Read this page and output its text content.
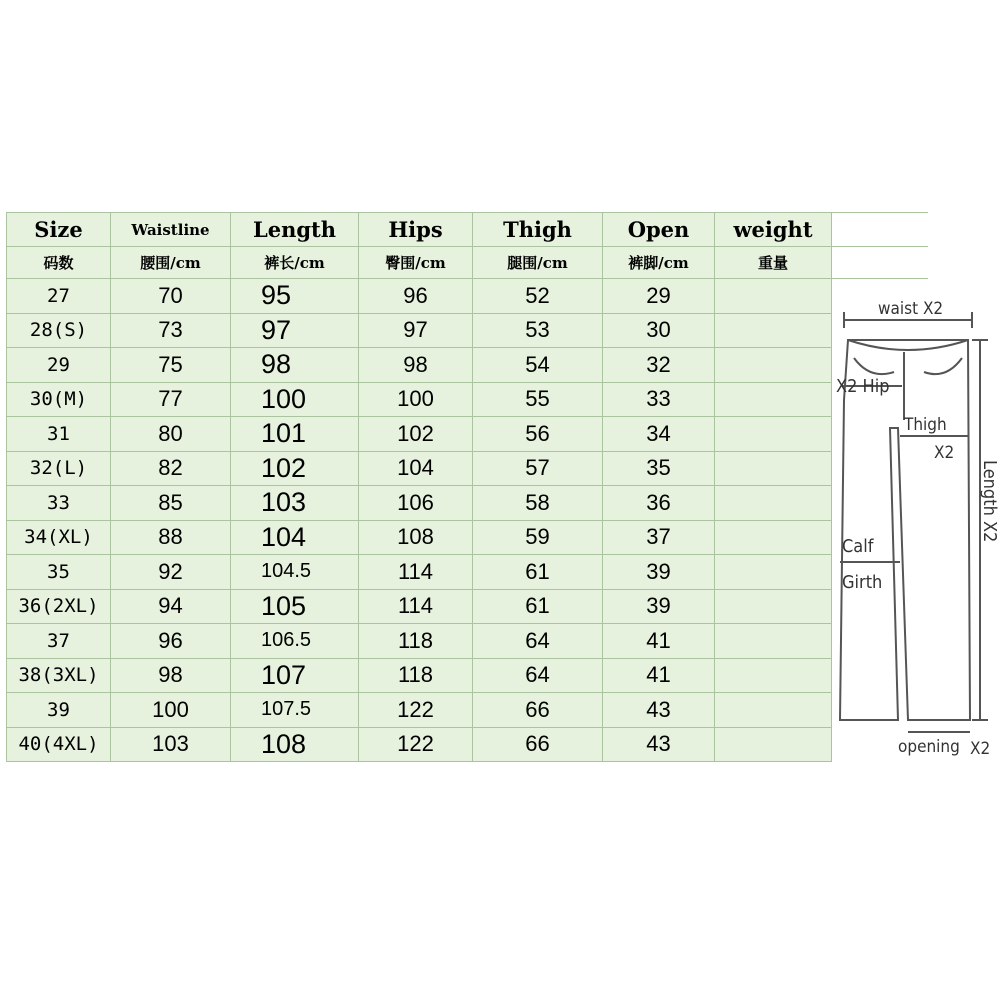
Size	Waistline	Length	Hips	Thigh	Open	weight	
码数	腰围/cm	裤长/cm	臀围/cm	腿围/cm	裤脚/cm	重量	
27	70	95	96	52	29		
28(S)	73	97	97	53	30		
29	75	98	98	54	32		
30(M)	77	100	100	55	33		
31	80	101	102	56	34		
32(L)	82	102	104	57	35		
33	85	103	106	58	36		
34(XL)	88	104	108	59	37		
35	92	104.5	114	61	39		
36(2XL)	94	105	114	61	39		
37	96	106.5	118	64	41		
38(3XL)	98	107	118	64	41		
39	100	107.5	122	66	43		
40(4XL)	103	108	122	66	43		
waist X2
X2 Hip
Thigh
X2
Calf
Girth
Length X2
opening X2
